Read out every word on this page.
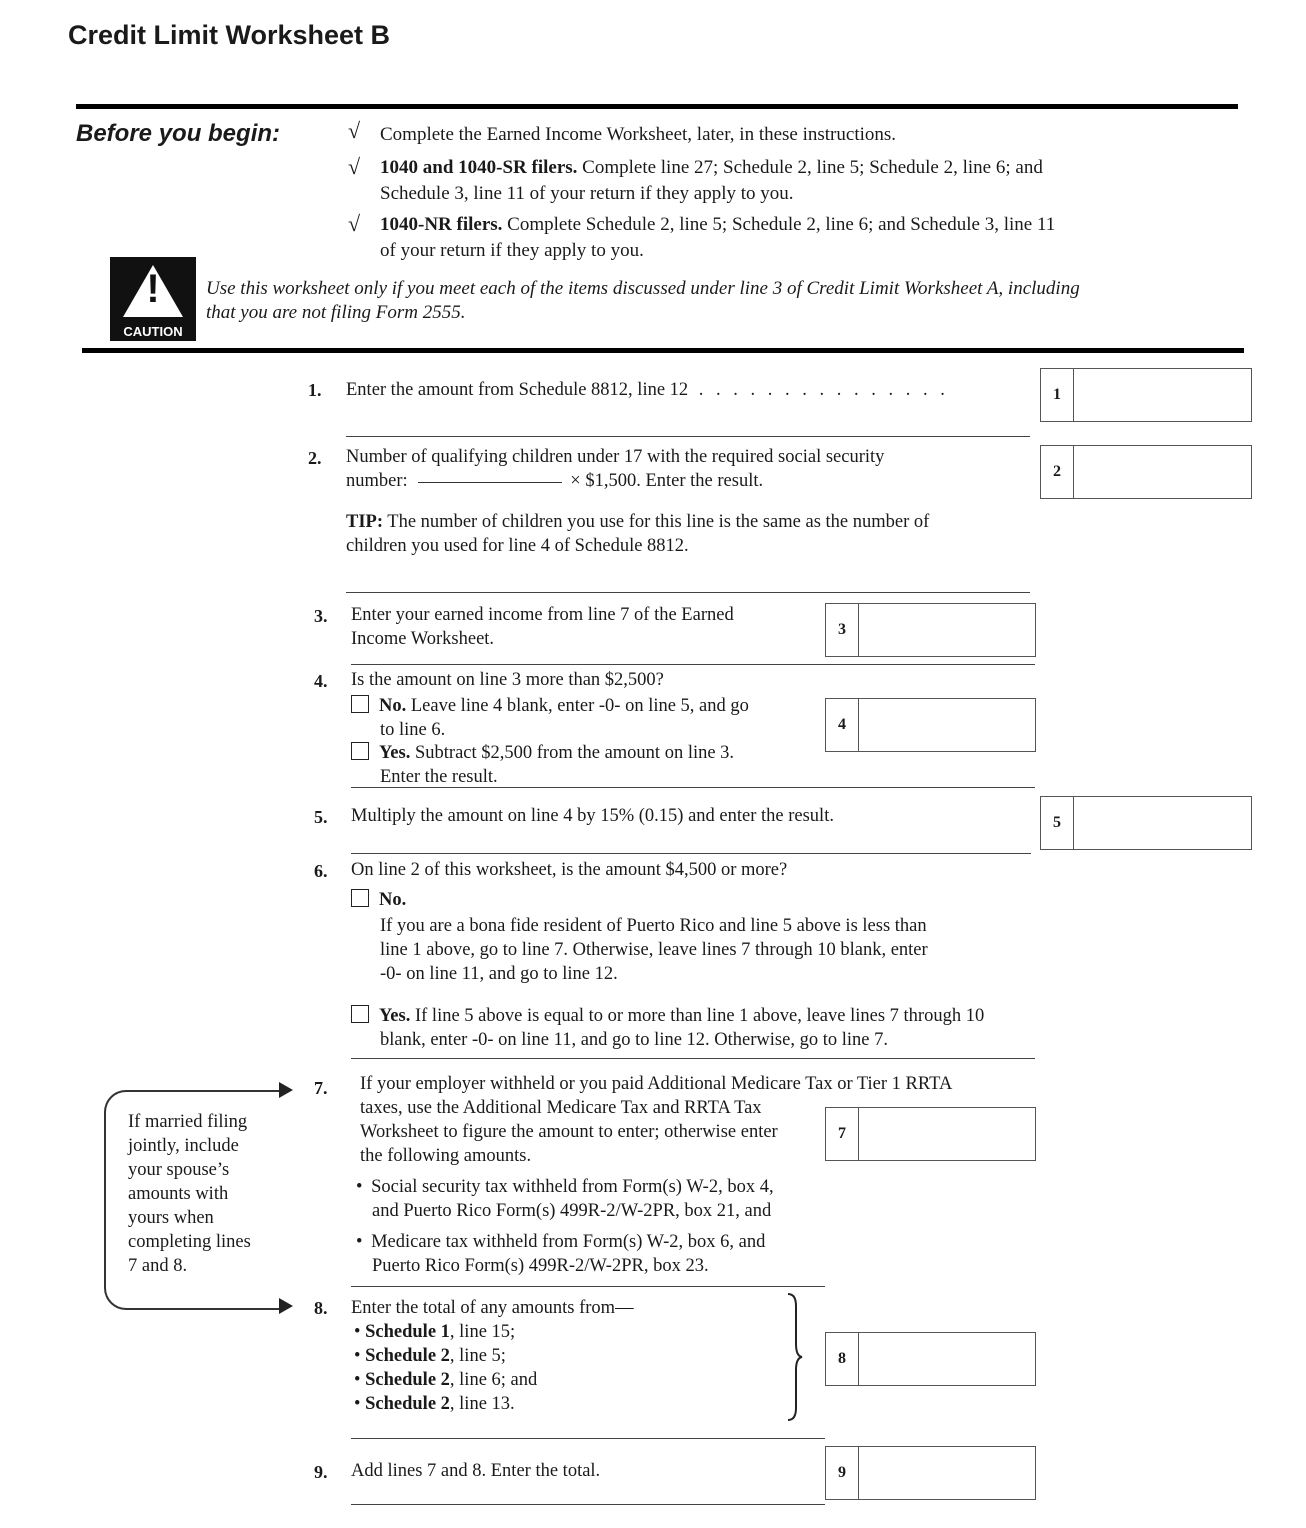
Credit Limit Worksheet B
Before you begin:	√ Complete the Earned Income Worksheet, later, in these instructions.
√ 1040 and 1040-SR filers. Complete line 27; Schedule 2, line 5; Schedule 2, line 6; and
Schedule 3, line 11 of your return if they apply to you.
√ 1040-NR filers. Complete Schedule 2, line 5; Schedule 2, line 6; and Schedule 3, line 11
of your return if they apply to you.
!
CAUTION
Use this worksheet only if you meet each of the items discussed under line 3 of Credit Limit Worksheet A, including
that you are not filing Form 2555.
1. Enter the amount from Schedule 8812, line 12 . . . . . . . . . . . . . . .	1
2. Number of qualifying children under 17 with the required social security
number:	× $1,500. Enter the result.	2
TIP: The number of children you use for this line is the same as the number of
children you used for line 4 of Schedule 8812.
3. Enter your earned income from line 7 of the Earned
Income Worksheet.	3
4. Is the amount on line 3 more than $2,500?
No. Leave line 4 blank, enter -0- on line 5, and go
to line 6.
Yes. Subtract $2,500 from the amount on line 3.
Enter the result.
4
5. Multiply the amount on line 4 by 15% (0.15) and enter the result.	5
6. On line 2 of this worksheet, is the amount $4,500 or more?
No.
If you are a bona fide resident of Puerto Rico and line 5 above is less than
line 1 above, go to line 7. Otherwise, leave lines 7 through 10 blank, enter
-0- on line 11, and go to line 12.
Yes. If line 5 above is equal to or more than line 1 above, leave lines 7 through 10
blank, enter -0- on line 11, and go to line 12. Otherwise, go to line 7.
If married filing
jointly, include
your spouse’s
amounts with
yours when
completing lines
7 and 8.
7. If your employer withheld or you paid Additional Medicare Tax or Tier 1 RRTA
taxes, use the Additional Medicare Tax and RRTA Tax
Worksheet to figure the amount to enter; otherwise enter
the following amounts.
• Social security tax withheld from Form(s) W-2, box 4,
and Puerto Rico Form(s) 499R-2/W-2PR, box 21, and
• Medicare tax withheld from Form(s) W-2, box 6, and
Puerto Rico Form(s) 499R-2/W-2PR, box 23.
7
8. Enter the total of any amounts from—
• Schedule 1, line 15;
• Schedule 2, line 5;
• Schedule 2, line 6; and
• Schedule 2, line 13.
8
9. Add lines 7 and 8. Enter the total.	9
